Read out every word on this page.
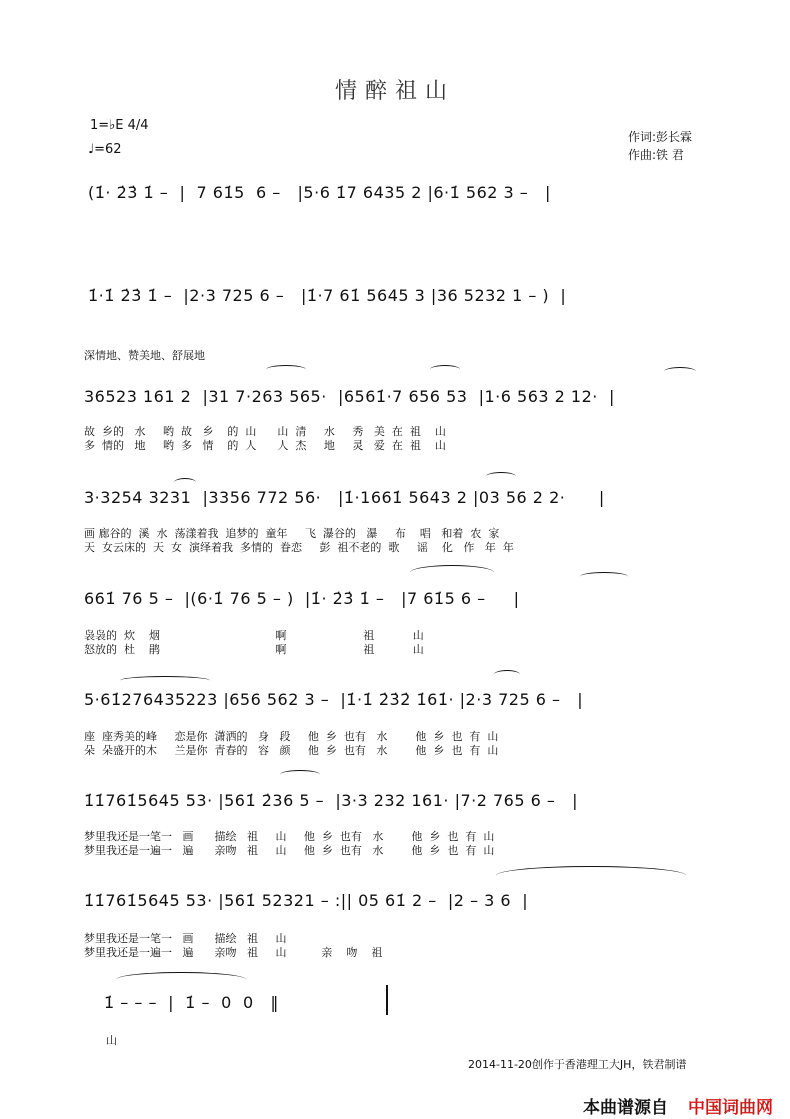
情醉祖山
1=♭E 4/4
♩=62
作词:彭长霖
作曲:铁 君
(1̇· 2̇3̇ 1̇ –  |  7 61̇5  6 –   |5·6 1̇7 6435 2 |6·1̇ 562 3 –   |
1̇·1̇ 2̇3̇ 1̇ –  |2·3 725 6 –   |1̇·7 61̇ 5645 3 |36 5232 1 – )  |
深情地、赞美地、舒展地
36523 161 2  |31 7·263 565·  |6561̇·7 656 53  |1·6 563 2 12·  |
故  乡的   水     哟  故   乡    的  山      山  清     水     秀   美  在  祖    山
多  情的   地     哟  多   情    的  人      人  杰     地     灵   爱  在  祖    山
3·3254 3231  |3356 772 56·   |1̇·1661̇ 5643 2 |03 56 2 2·      |
画 廊谷的  溪  水  荡漾着我  追梦的  童年     飞  瀑谷的   瀑     布    唱   和着  农  家
天  女云床的  天  女  演绎着我  多情的  眷恋     彭  祖不老的  歌     谣    化   作   年  年
661̇ 76 5 –  |(6·1̇ 76 5 – )  |1̇· 2̇3̇ 1̇ –   |7 61̇5 6 –     |
袅袅的  炊    烟                                 啊                      祖           山
怒放的  杜    鹃                                 啊                      祖           山
5·61̇276435223 |656 562 3 –  |1̇·1̇ 2̇3̇2̇ 1̇61̇· |2·3 725 6 –   |
座  座秀美的峰     恋是你  潇洒的   身   段     他  乡  也有   水        他  乡  也  有  山
朵  朵盛开的木     兰是你  青春的   容   颜     他  乡  也有   水        他  乡  也  有  山
1̇1̇761̇5645 53· |561̇ 2̇36 5 –  |3·3 232 161· |7·2 765 6 –   |
梦里我还是一笔一   画      描绘   祖     山     他  乡  也有   水        他  乡  也  有  山
梦里我还是一遍一   遍      亲吻   祖     山     他  乡  也有   水        他  乡  也  有  山
1̇1̇761̇5645 53· |561̇ 52321 – :|| 05 61̇ 2 –  |2 – 3 6  |
梦里我还是一笔一   画      描绘   祖     山
梦里我还是一遍一   遍      亲吻   祖     山          亲    吻    祖
1̇ – – –  |  1̇ –  0  0   ‖
山
2014-11-20创作于香港理工大JH，铁君制谱
本曲谱源自 中国词曲网
